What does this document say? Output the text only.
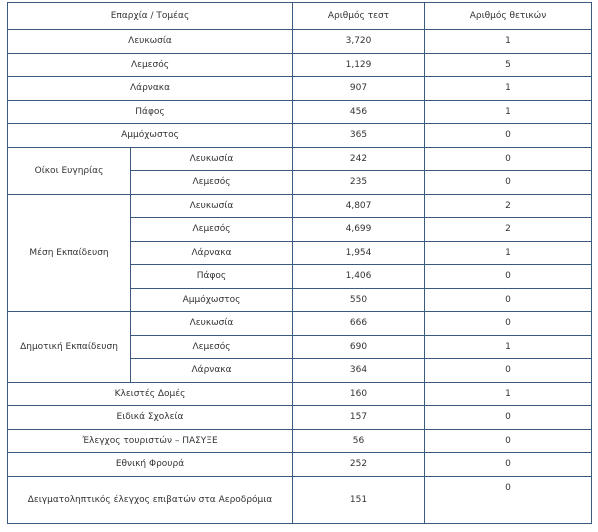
Επαρχία / Τομέας		Αριθμός τεστ	Αριθμός θετικών
Λευκωσία		3,720	1
Λεμεσός		1,129	5
Λάρνακα		907	1
Πάφος		456	1
Αμμόχωστος		365	0
Οίκοι Ευγηρίας	Λευκωσία	242	0
	Λεμεσός	235	0
Μέση Εκπαίδευση	Λευκωσία	4,807	2
	Λεμεσός	4,699	2
	Λάρνακα	1,954	1
	Πάφος	1,406	0
	Αμμόχωστος	550	0
Δημοτική Εκπαίδευση	Λευκωσία	666	0
	Λεμεσός	690	1
	Λάρνακα	364	0
Κλειστές Δομές		160	1
Ειδικά Σχολεία		157	0
Έλεγχος τουριστών – ΠΑΣΥΞΕ		56	0
Εθνική Φρουρά		252	0
Δειγματοληπτικός έλεγχος επιβατών στα Αεροδρόμια		151	0
